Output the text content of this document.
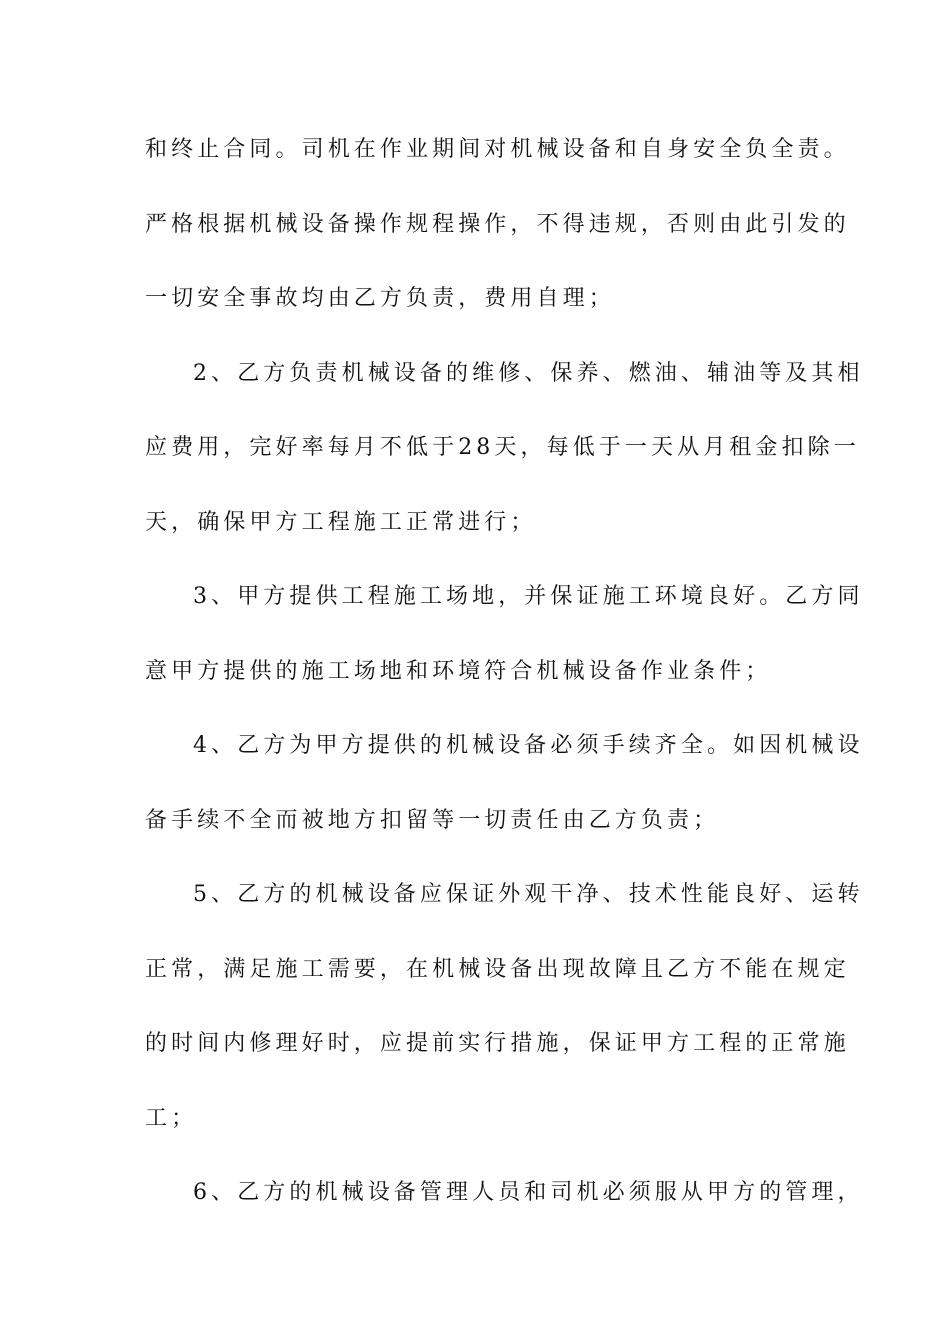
和终止合同。司机在作业期间对机械设备和自身安全负全责。
严格根据机械设备操作规程操作，不得违规，否则由此引发的
一切安全事故均由乙方负责，费用自理；
2、乙方负责机械设备的维修、保养、燃油、辅油等及其相
应费用，完好率每月不低于28天，每低于一天从月租金扣除一
天，确保甲方工程施工正常进行；
3、甲方提供工程施工场地，并保证施工环境良好。乙方同
意甲方提供的施工场地和环境符合机械设备作业条件；
4、乙方为甲方提供的机械设备必须手续齐全。如因机械设
备手续不全而被地方扣留等一切责任由乙方负责；
5、乙方的机械设备应保证外观干净、技术性能良好、运转
正常，满足施工需要，在机械设备出现故障且乙方不能在规定
的时间内修理好时，应提前实行措施，保证甲方工程的正常施
工；
6、乙方的机械设备管理人员和司机必须服从甲方的管理，
